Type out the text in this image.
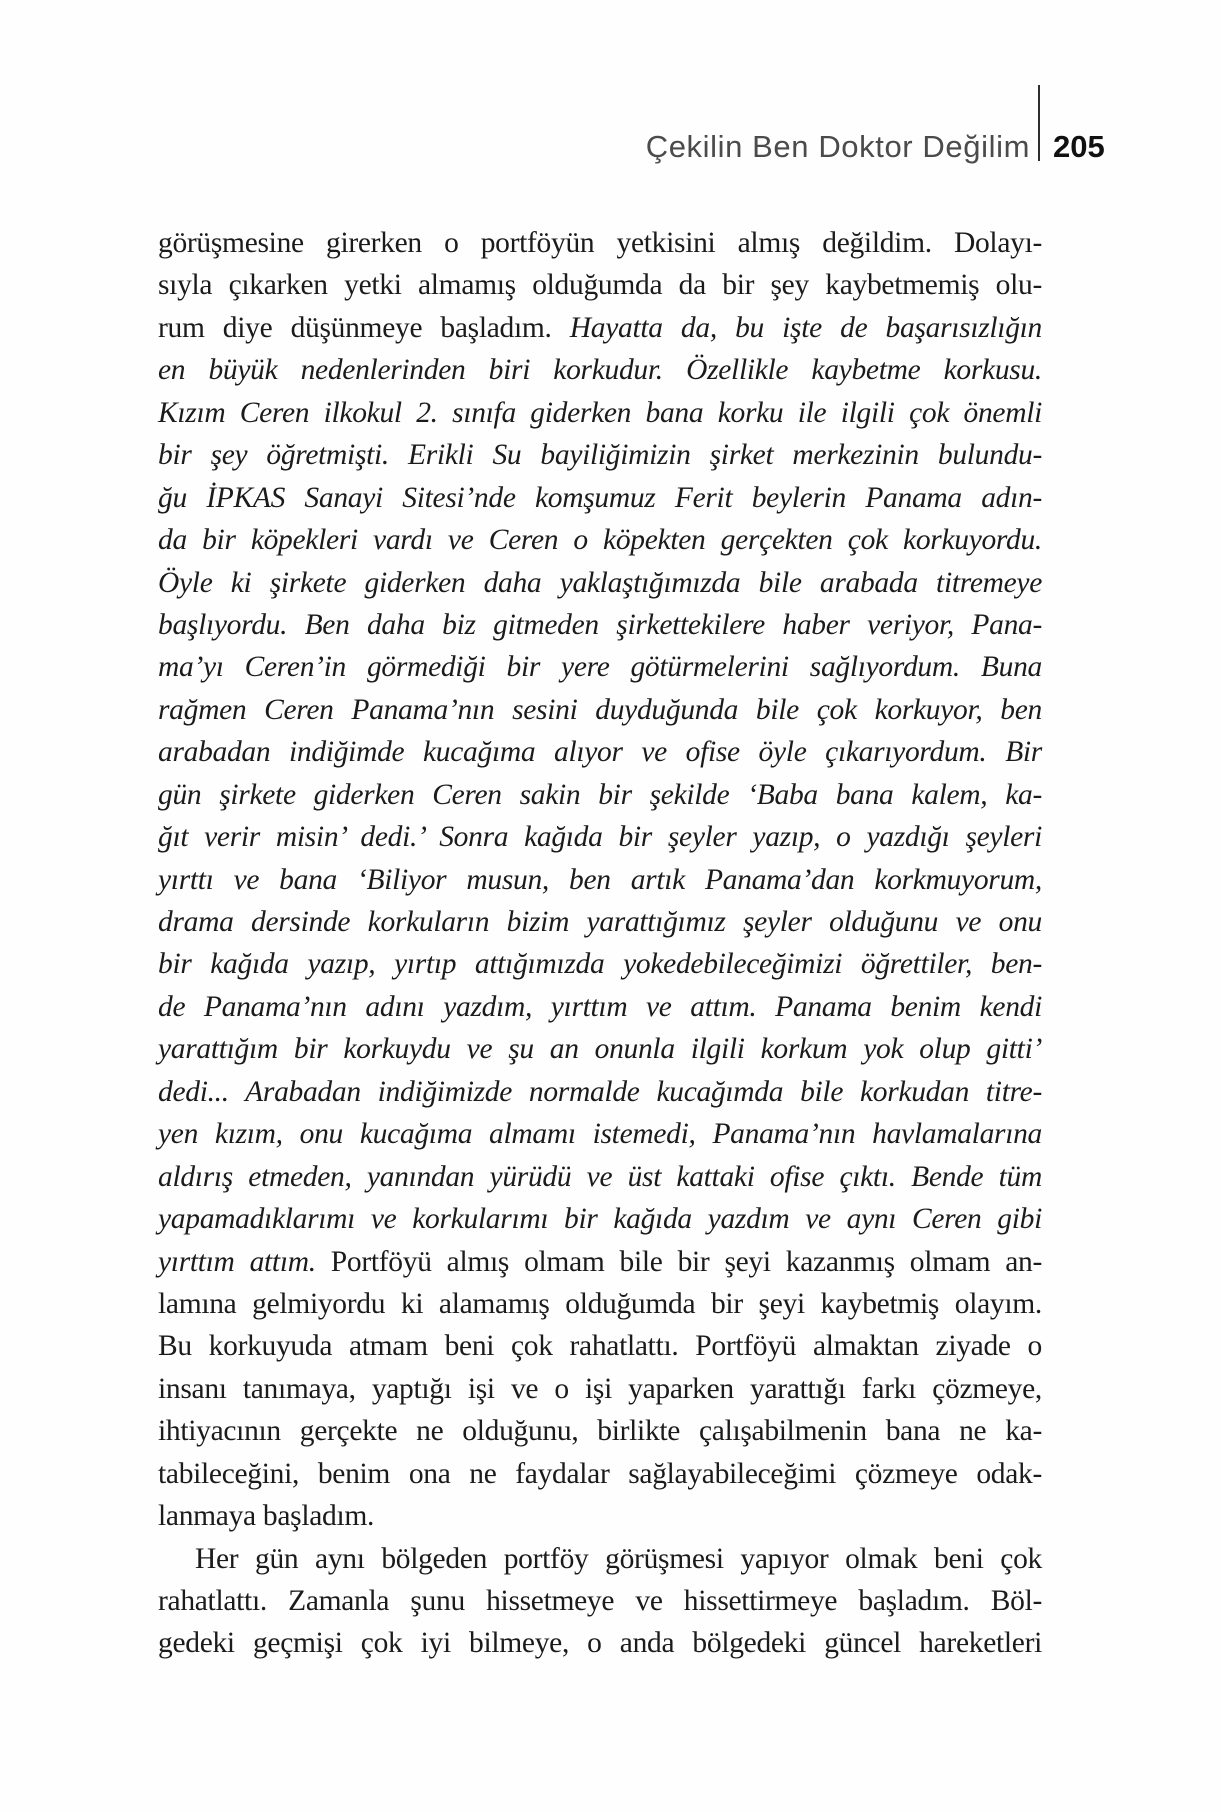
Çekilin Ben Doktor Değilim 205
görüşmesine girerken o portföyün yetkisini almış değildim. Dolayı-
sıyla çıkarken yetki almamış olduğumda da bir şey kaybetmemiş olu-
rum diye düşünmeye başladım. Hayatta da, bu işte de başarısızlığın
en büyük nedenlerinden biri korkudur. Özellikle kaybetme korkusu.
Kızım Ceren ilkokul 2. sınıfa giderken bana korku ile ilgili çok önemli
bir şey öğretmişti. Erikli Su bayiliğimizin şirket merkezinin bulundu-
ğu İPKAS Sanayi Sitesi’nde komşumuz Ferit beylerin Panama adın-
da bir köpekleri vardı ve Ceren o köpekten gerçekten çok korkuyordu.
Öyle ki şirkete giderken daha yaklaştığımızda bile arabada titremeye
başlıyordu. Ben daha biz gitmeden şirkettekilere haber veriyor, Pana-
ma’yı Ceren’in görmediği bir yere götürmelerini sağlıyordum. Buna
rağmen Ceren Panama’nın sesini duyduğunda bile çok korkuyor, ben
arabadan indiğimde kucağıma alıyor ve ofise öyle çıkarıyordum. Bir
gün şirkete giderken Ceren sakin bir şekilde ‘Baba bana kalem, ka-
ğıt verir misin’ dedi.’ Sonra kağıda bir şeyler yazıp, o yazdığı şeyleri
yırttı ve bana ‘Biliyor musun, ben artık Panama’dan korkmuyorum,
drama dersinde korkuların bizim yarattığımız şeyler olduğunu ve onu
bir kağıda yazıp, yırtıp attığımızda yokedebileceğimizi öğrettiler, ben-
de Panama’nın adını yazdım, yırttım ve attım. Panama benim kendi
yarattığım bir korkuydu ve şu an onunla ilgili korkum yok olup gitti’
dedi... Arabadan indiğimizde normalde kucağımda bile korkudan titre-
yen kızım, onu kucağıma almamı istemedi, Panama’nın havlamalarına
aldırış etmeden, yanından yürüdü ve üst kattaki ofise çıktı. Bende tüm
yapamadıklarımı ve korkularımı bir kağıda yazdım ve aynı Ceren gibi
yırttım attım. Portföyü almış olmam bile bir şeyi kazanmış olmam an-
lamına gelmiyordu ki alamamış olduğumda bir şeyi kaybetmiş olayım.
Bu korkuyuda atmam beni çok rahatlattı. Portföyü almaktan ziyade o
insanı tanımaya, yaptığı işi ve o işi yaparken yarattığı farkı çözmeye,
ihtiyacının gerçekte ne olduğunu, birlikte çalışabilmenin bana ne ka-
tabileceğini, benim ona ne faydalar sağlayabileceğimi çözmeye odak-
lanmaya başladım.
Her gün aynı bölgeden portföy görüşmesi yapıyor olmak beni çok
rahatlattı. Zamanla şunu hissetmeye ve hissettirmeye başladım. Böl-
gedeki geçmişi çok iyi bilmeye, o anda bölgedeki güncel hareketleri
